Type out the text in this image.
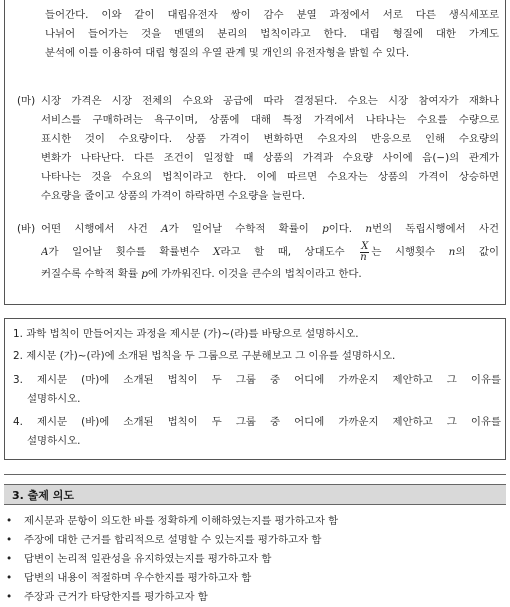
들어간다. 이와 같이 대립유전자 쌍이 감수 분열 과정에서 서로 다른 생식세포로
나뉘어 들어가는 것을 멘델의 분리의 법칙이라고 한다. 대립 형질에 대한 가계도
분석에 이를 이용하여 대립 형질의 우열 관계 및 개인의 유전자형을 밝힐 수 있다.
(마) 시장 가격은 시장 전체의 수요와 공급에 따라 결정된다. 수요는 시장 참여자가 재화나
서비스를 구매하려는 욕구이며, 상품에 대해 특정 가격에서 나타나는 수요를 수량으로
표시한 것이 수요량이다. 상품 가격이 변화하면 수요자의 반응으로 인해 수요량의
변화가 나타난다. 다른 조건이 일정할 때 상품의 가격과 수요량 사이에 음(−)의 관계가
나타나는 것을 수요의 법칙이라고 한다. 이에 따르면 수요자는 상품의 가격이 상승하면
수요량을 줄이고 상품의 가격이 하락하면 수요량을 늘린다.
(바) 어떤 시행에서 사건 A가 일어날 수학적 확률이 p이다. n번의 독립시행에서 사건
A가 일어날 횟수를 확률변수 X라고 할 때, 상대도수 $\frac{X}{n}$ 는 시행횟수 n의 값이
커질수록 수학적 확률 p에 가까워진다. 이것을 큰수의 법칙이라고 한다.
1. 과학 법칙이 만들어지는 과정을 제시문 (가)~(라)를 바탕으로 설명하시오.
2. 제시문 (가)~(라)에 소개된 법칙을 두 그룹으로 구분해보고 그 이유를 설명하시오.
3. 제시문 (마)에 소개된 법칙이 두 그룹 중 어디에 가까운지 제안하고 그 이유를
설명하시오.
4. 제시문 (바)에 소개된 법칙이 두 그룹 중 어디에 가까운지 제안하고 그 이유를
설명하시오.
3. 출제 의도
• 제시문과 문항이 의도한 바를 정확하게 이해하였는지를 평가하고자 함
• 주장에 대한 근거를 합리적으로 설명할 수 있는지를 평가하고자 함
• 답변이 논리적 일관성을 유지하였는지를 평가하고자 함
• 답변의 내용이 적절하며 우수한지를 평가하고자 함
• 주장과 근거가 타당한지를 평가하고자 함
